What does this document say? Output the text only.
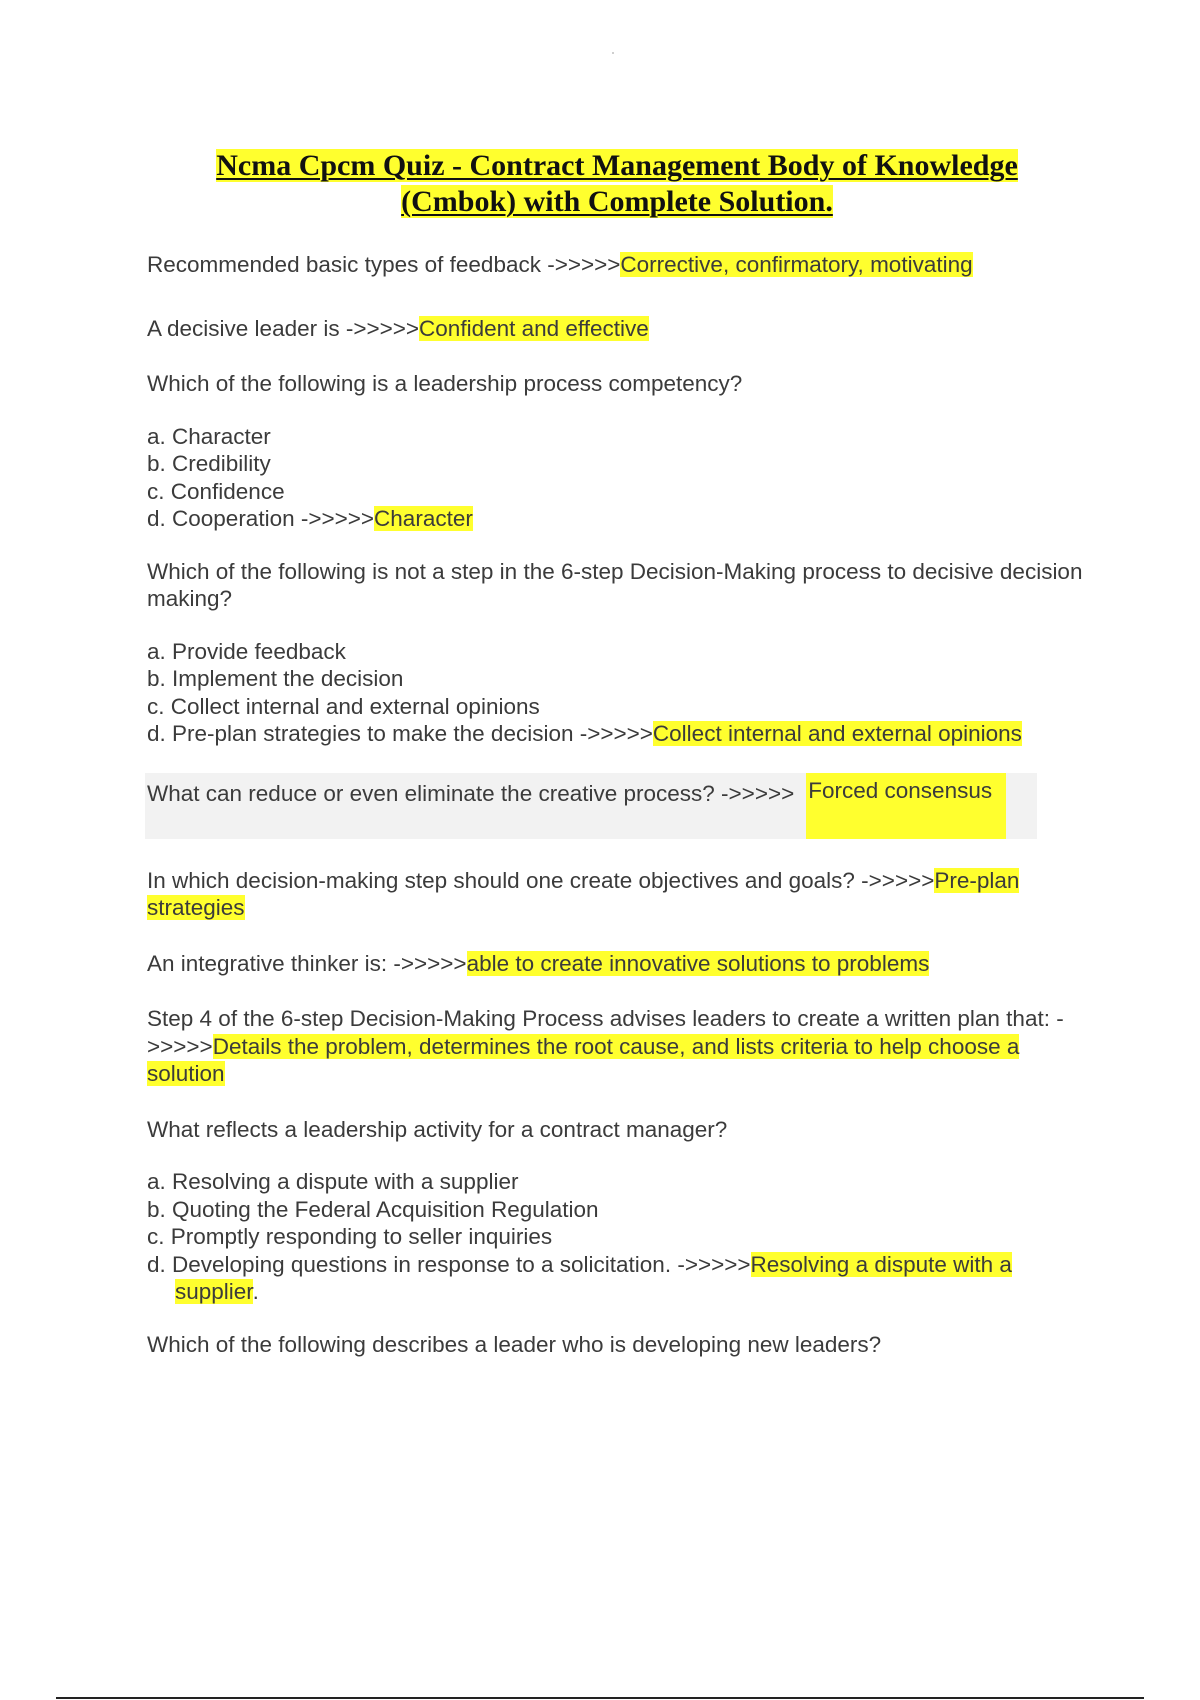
Ncma Cpcm Quiz - Contract Management Body of Knowledge
(Cmbok) with Complete Solution.
Recommended basic types of feedback ->>>>>Corrective, confirmatory, motivating
A decisive leader is ->>>>>Confident and effective
Which of the following is a leadership process competency?
a. Character
b. Credibility
c. Confidence
d. Cooperation ->>>>>Character
Which of the following is not a step in the 6-step Decision-Making process to decisive decision making?
a. Provide feedback
b. Implement the decision
c. Collect internal and external opinions
d. Pre-plan strategies to make the decision ->>>>>Collect internal and external opinions
What can reduce or even eliminate the creative process? ->>>>> Forced consensus
In which decision-making step should one create objectives and goals? ->>>>>Pre-plan strategies
An integrative thinker is: ->>>>>able to create innovative solutions to problems
Step 4 of the 6-step Decision-Making Process advises leaders to create a written plan that: ->>>>>Details the problem, determines the root cause, and lists criteria to help choose a solution
What reflects a leadership activity for a contract manager?
a. Resolving a dispute with a supplier
b. Quoting the Federal Acquisition Regulation
c. Promptly responding to seller inquiries
d. Developing questions in response to a solicitation. ->>>>>Resolving a dispute with a supplier.
Which of the following describes a leader who is developing new leaders?
